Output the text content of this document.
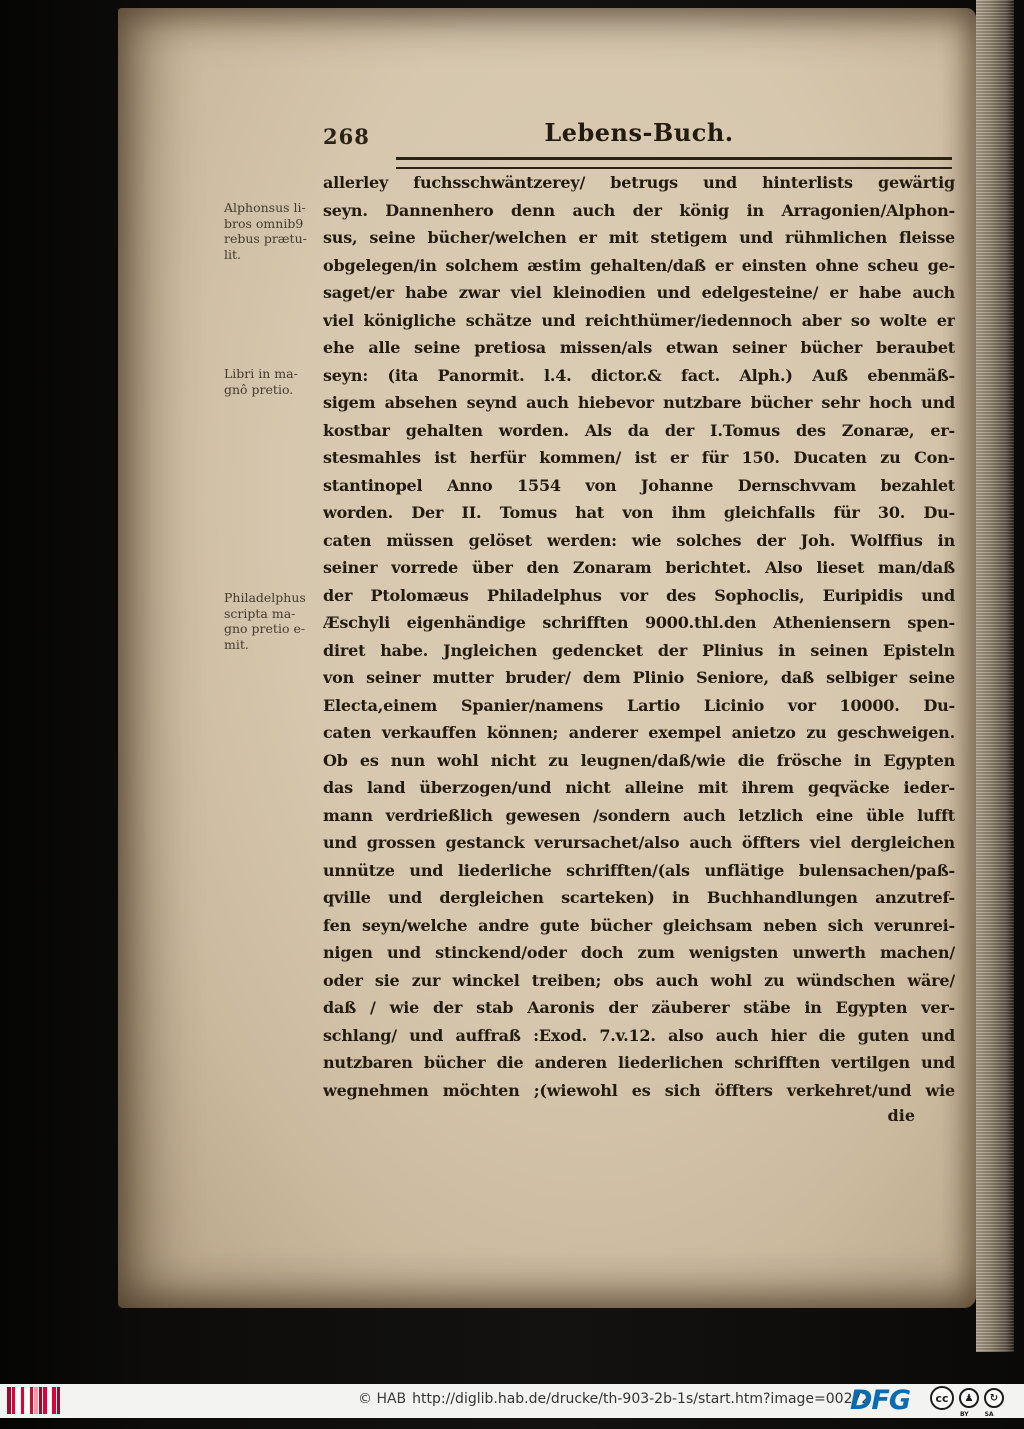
268	Lebens-Buch.
Alphonsus li-
bros omnib9
rebus prætu-
lit.
Libri in ma-
gnô pretio.
Philadelphus
scripta ma-
gno pretio e-
mit.
allerley fuchsschwäntzerey/ betrugs und hinterlists gewärtig
seyn. Dannenhero denn auch der könig in Arragonien/Alphon-
sus, seine bücher/welchen er mit stetigem und rühmlichen fleisse
obgelegen/in solchem æstim gehalten/daß er einsten ohne scheu ge-
saget/er habe zwar viel kleinodien und edelgesteine/ er habe auch
viel königliche schätze und reichthümer/iedennoch aber so wolte er
ehe alle seine pretiosa missen/als etwan seiner bücher beraubet
seyn: (ita Panormit. l.4. dictor.& fact. Alph.) Auß ebenmäß-
sigem absehen seynd auch hiebevor nutzbare bücher sehr hoch und
kostbar gehalten worden. Als da der I.Tomus des Zonaræ, er-
stesmahles ist herfür kommen/ ist er für 150. Ducaten zu Con-
stantinopel Anno 1554 von Johanne Dernschvvam bezahlet
worden. Der II. Tomus hat von ihm gleichfalls für 30. Du-
caten müssen gelöset werden: wie solches der Joh. Wolffius in
seiner vorrede über den Zonaram berichtet. Also lieset man/daß
der Ptolomæus Philadelphus vor des Sophoclis, Euripidis und
Æschyli eigenhändige schrifften 9000.thl.den Atheniensern spen-
diret habe. Jngleichen gedencket der Plinius in seinen Episteln
von seiner mutter bruder/ dem Plinio Seniore, daß selbiger seine
Electa,einem Spanier/namens Lartio Licinio vor 10000. Du-
caten verkauffen können; anderer exempel anietzo zu geschweigen.
Ob es nun wohl nicht zu leugnen/daß/wie die frösche in Egypten
das land überzogen/und nicht alleine mit ihrem geqväcke ieder-
mann verdrießlich gewesen /sondern auch letzlich eine üble lufft
und grossen gestanck verursachet/also auch öffters viel dergleichen
unnütze und liederliche schrifften/(als unflätige bulensachen/paß-
qville und dergleichen scarteken) in Buchhandlungen anzutref-
fen seyn/welche andre gute bücher gleichsam neben sich verunrei-
nigen und stinckend/oder doch zum wenigsten unwerth machen/
oder sie zur winckel treiben; obs auch wohl zu wündschen wäre/
daß / wie der stab Aaronis der zäuberer stäbe in Egypten ver-
schlang/ und auffraß :Exod. 7.v.12. also auch hier die guten und
nutzbaren bücher die anderen liederlichen schrifften vertilgen und
wegnehmen möchten ;(wiewohl es sich öffters verkehret/und wie
die
© HAB http://diglib.hab.de/drucke/th-903-2b-1s/start.htm?image=00272
DFG	cc	♟	↻
BY	SA
